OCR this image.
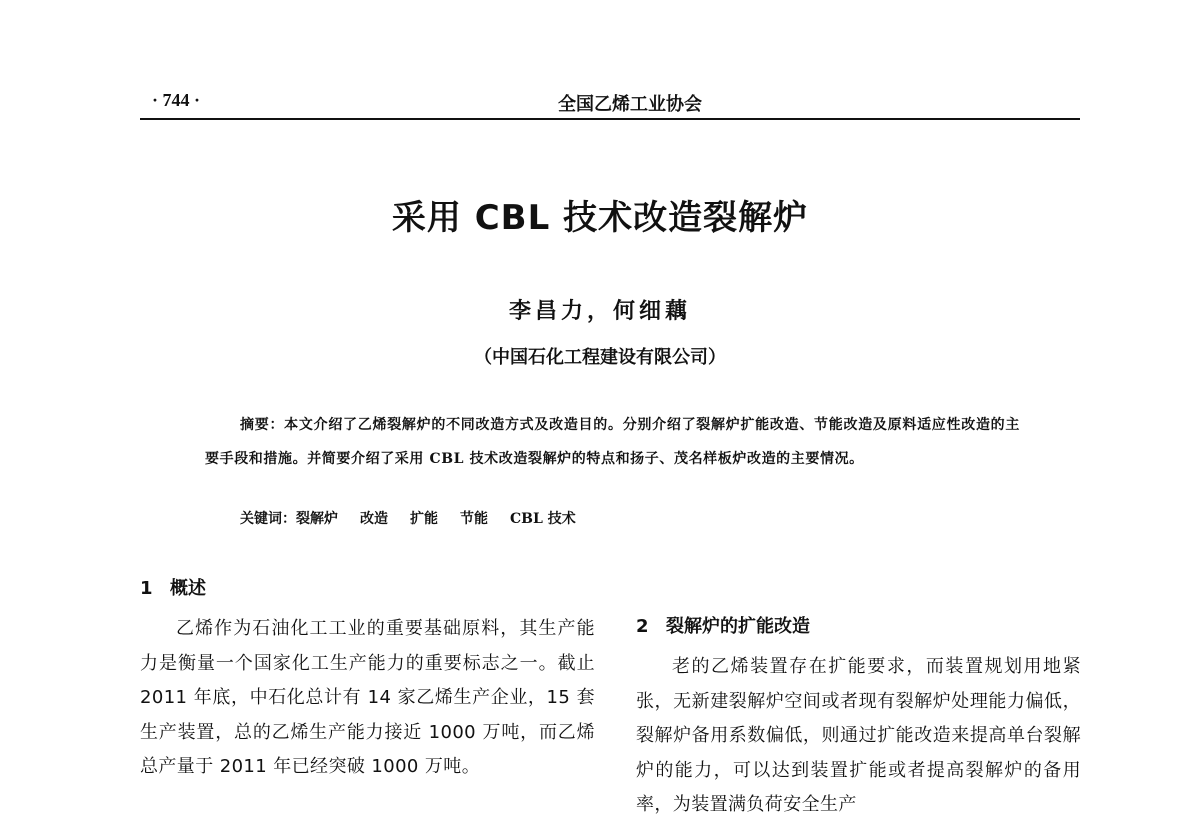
· 744 ·	全国乙烯工业协会
采用 CBL 技术改造裂解炉
李昌力，何细藕
（中国石化工程建设有限公司）
摘要：本文介绍了乙烯裂解炉的不同改造方式及改造目的。分别介绍了裂解炉扩能改造、节能改造及原料适应性改造的主要手段和措施。并简要介绍了采用 CBL 技术改造裂解炉的特点和扬子、茂名样板炉改造的主要情况。
关键词：裂解炉 改造 扩能 节能 CBL 技术
1 概述

乙烯作为石油化工工业的重要基础原料，其生产能力是衡量一个国家化工生产能力的重要标志之一。截止 2011 年底，中石化总计有 14 家乙烯生产企业，15 套生产装置，总的乙烯生产能力接近 1000 万吨，而乙烯总产量于 2011 年已经突破 1000 万吨。

2 裂解炉的扩能改造

老的乙烯装置存在扩能要求，而装置规划用地紧张，无新建裂解炉空间或者现有裂解炉处理能力偏低，裂解炉备用系数偏低，则通过扩能改造来提高单台裂解炉的能力，可以达到装置扩能或者提高裂解炉的备用率，为装置满负荷安全生产
